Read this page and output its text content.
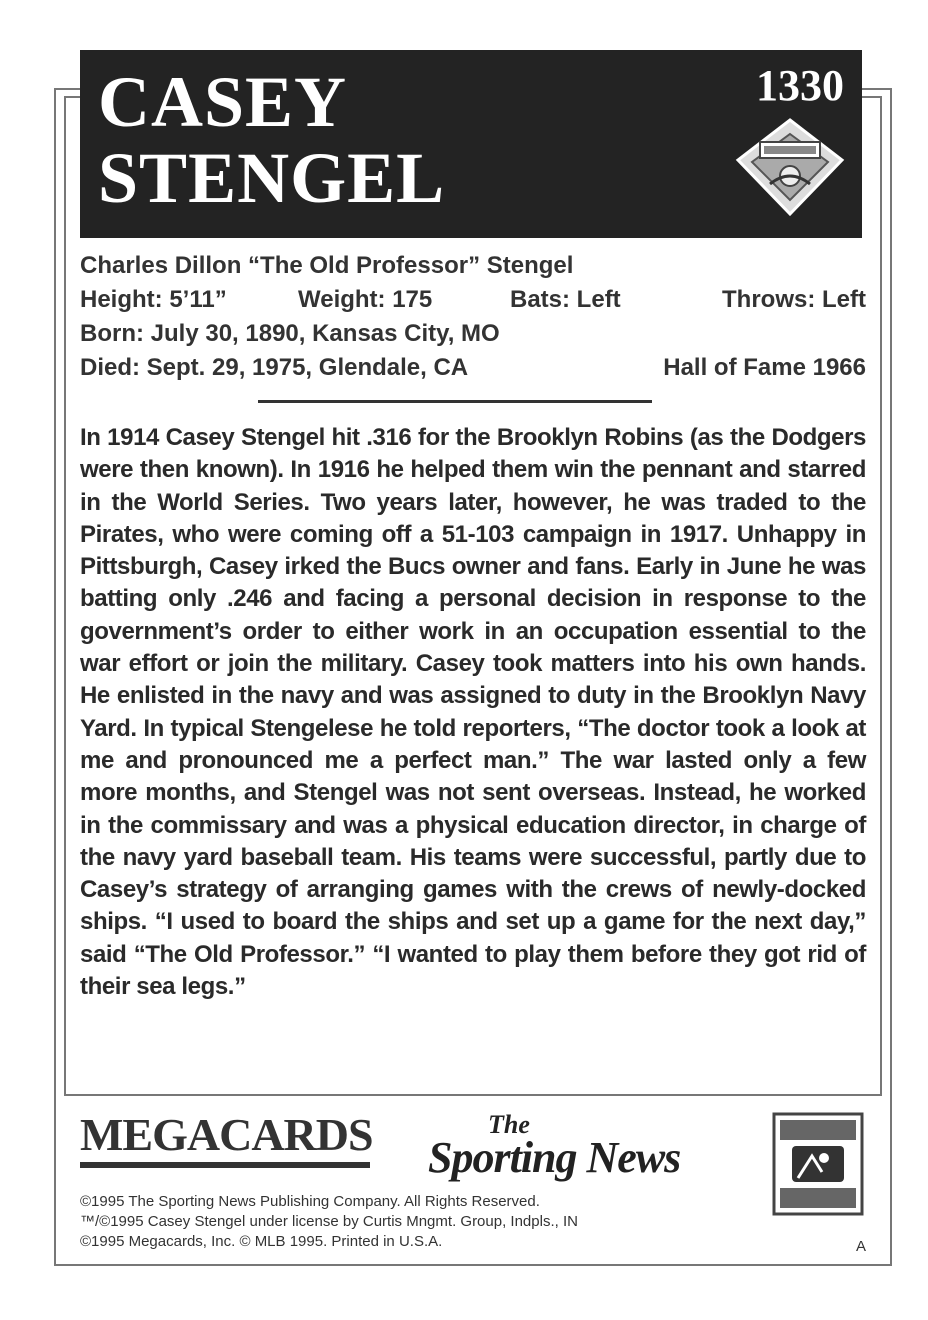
CASEY
STENGEL
1330
Charles Dillon “The Old Professor” Stengel
Height: 5’11”	Weight: 175	Bats: Left	Throws: Left
Born: July 30, 1890, Kansas City, MO
Died: Sept. 29, 1975, Glendale, CA	Hall of Fame 1966
In 1914 Casey Stengel hit .316 for the Brooklyn Robins (as the Dodgers were then known). In 1916 he helped them win the pennant and starred in the World Series. Two years later, however, he was traded to the Pirates, who were coming off a 51-103 campaign in 1917. Unhappy in Pittsburgh, Casey irked the Bucs owner and fans. Early in June he was batting only .246 and facing a personal decision in response to the government’s order to either work in an occupation essential to the war effort or join the military. Casey took matters into his own hands. He enlisted in the navy and was assigned to duty in the Brooklyn Navy Yard. In typical Stengelese he told reporters, “The doctor took a look at me and pronounced me a perfect man.” The war lasted only a few more months, and Stengel was not sent overseas. Instead, he worked in the commissary and was a physical education director, in charge of the navy yard baseball team. His teams were successful, partly due to Casey’s strategy of arranging games with the crews of newly-docked ships. “I used to board the ships and set up a game for the next day,” said “The Old Professor.” “I wanted to play them before they got rid of their sea legs.”
MEGACARDS	The
Sporting News
©1995 The Sporting News Publishing Company. All Rights Reserved.
™/©1995 Casey Stengel under license by Curtis Mngmt. Group, Indpls., IN
©1995 Megacards, Inc. © MLB 1995. Printed in U.S.A.	A
